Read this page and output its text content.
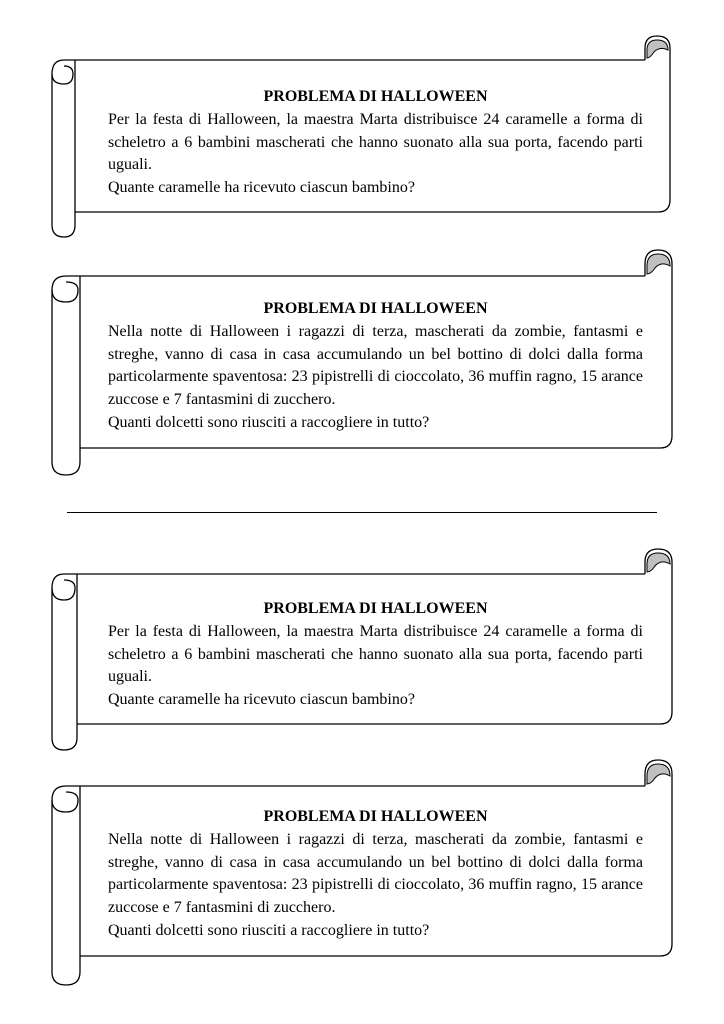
PROBLEMA DI HALLOWEEN
Per la festa di Halloween, la maestra Marta distribuisce 24 caramelle a forma di scheletro a 6 bambini mascherati che hanno suonato alla sua porta, facendo parti uguali.
Quante caramelle ha ricevuto ciascun bambino?
PROBLEMA DI HALLOWEEN
Nella notte di Halloween i ragazzi di terza, mascherati da zombie, fantasmi e streghe, vanno di casa in casa accumulando un bel bottino di dolci dalla forma particolarmente spaventosa: 23 pipistrelli di cioccolato, 36 muffin ragno, 15 arance zuccose e 7 fantasmini di zucchero.
Quanti dolcetti sono riusciti a raccogliere in tutto?
PROBLEMA DI HALLOWEEN
Per la festa di Halloween, la maestra Marta distribuisce 24 caramelle a forma di scheletro a 6 bambini mascherati che hanno suonato alla sua porta, facendo parti uguali.
Quante caramelle ha ricevuto ciascun bambino?
PROBLEMA DI HALLOWEEN
Nella notte di Halloween i ragazzi di terza, mascherati da zombie, fantasmi e streghe, vanno di casa in casa accumulando un bel bottino di dolci dalla forma particolarmente spaventosa: 23 pipistrelli di cioccolato, 36 muffin ragno, 15 arance zuccose e 7 fantasmini di zucchero.
Quanti dolcetti sono riusciti a raccogliere in tutto?
